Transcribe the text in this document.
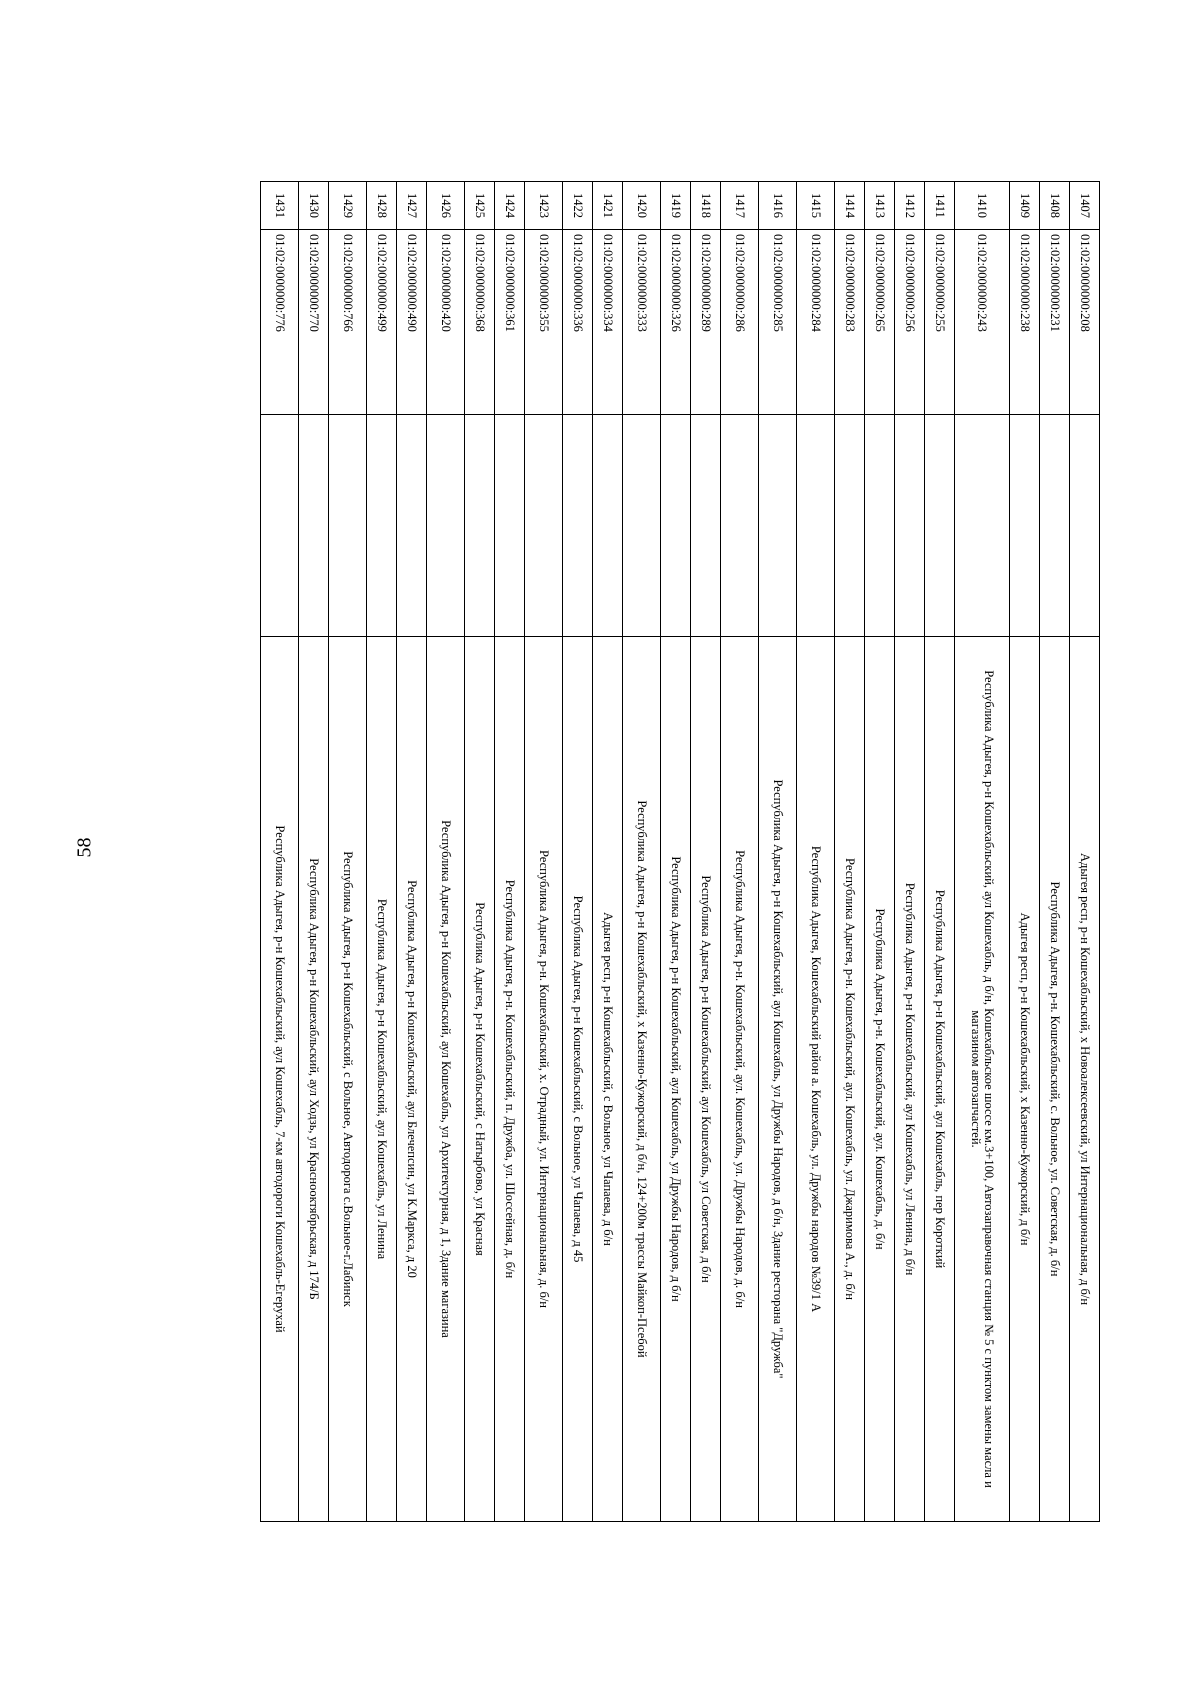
58
1407	01:02:0000000:208		Адыгея респ, р-н Кошехабльский, х Новоалексеевский, ул Интернациональная, д б/н
1408	01:02:0000000:231		Республика Адыгея, р-н. Кошехабльский, с. Вольное, ул. Советская, д. б/н
1409	01:02:0000000:238		Адыгея респ, р-н Кошехабльский, х Казенно-Кужорский, д б/н
1410	01:02:0000000:243		Республика Адыгея, р-н Кошехабльский, аул Кошехабль, д б/н, Кошехабльское шоссе км.3+100, Автозаправочная станция № 5 с пунктом замены масла и магазином автозапчастей.
1411	01:02:0000000:255		Республика Адыгея, р-н Кошехабльский, аул Кошехабль, пер Короткий
1412	01:02:0000000:256		Республика Адыгея, р-н Кошехабльский, аул Кошехабль, ул Ленина, д б/н
1413	01:02:0000000:265		Республика Адыгея, р-н. Кошехабльский, аул. Кошехабль, д. б/н
1414	01:02:0000000:283		Республика Адыгея, р-н. Кошехабльский, аул. Кошехабль, ул. Джаримова А., д. б/н
1415	01:02:0000000:284		Республика Адыгея, Кошехабльский район а. Кошехабль, ул. Дружбы народов №39/1 А
1416	01:02:0000000:285		Республика Адыгея, р-н Кошехабльский, аул Кошехабль, ул Дружбы Народов, д б/н, Здание ресторана "Дружба"
1417	01:02:0000000:286		Республика Адыгея, р-н. Кошехабльский, аул. Кошехабль, ул. Дружбы Народов, д. б/н
1418	01:02:0000000:289		Республика Адыгея, р-н Кошехабльский, аул Кошехабль, ул Советская, д б/н
1419	01:02:0000000:326		Республика Адыгея, р-н Кошехабльский, аул Кошехабль, ул Дружбы Народов, д б/н
1420	01:02:0000000:333		Республика Адыгея, р-н Кошехабльский, х Казенно-Кужорский, д б/н, 124+200м трассы Майкоп-Псебой
1421	01:02:0000000:334		Адыгея респ, р-н Кошехабльский, с Вольное, ул Чапаева, д б/н
1422	01:02:0000000:336		Республика Адыгея, р-н Кошехабльский, с Вольное, ул Чапаева, д 45
1423	01:02:0000000:355		Республика Адыгея, р-н. Кошехабльский, х. Отрадный, ул. Интернациональная, д. б/н
1424	01:02:0000000:361		Республика Адыгея, р-н. Кошехабльский, п. Дружба, ул. Шоссейная, д. б/н
1425	01:02:0000000:368		Республика Адыгея, р-н Кошехабльский, с Натырбово, ул Красная
1426	01:02:0000000:420		Республика Адыгея, р-н Кошехабльский, аул Кошехабль, ул Архитектурная, д 1, Здание магазина
1427	01:02:0000000:490		Республика Адыгея, р-н Кошехабльский, аул Блечепсин, ул К.Маркса, д 20
1428	01:02:0000000:499		Республика Адыгея, р-н Кошехабльский, аул Кошехабль, ул Ленина
1429	01:02:0000000:766		Республика Адыгея, р-н Кошехабльский, с Вольное, Автодорога с.Вольное-г.Лабинск
1430	01:02:0000000:770		Республика Адыгея, р-н Кошехабльский, аул Ходзь, ул Краснооктябрьская, д 174/Б
1431	01:02:0000000:776		Республика Адыгея, р-н Кошехабльский, аул Кошехабль, 7-км автодороги Кошехабль-Егерухай
